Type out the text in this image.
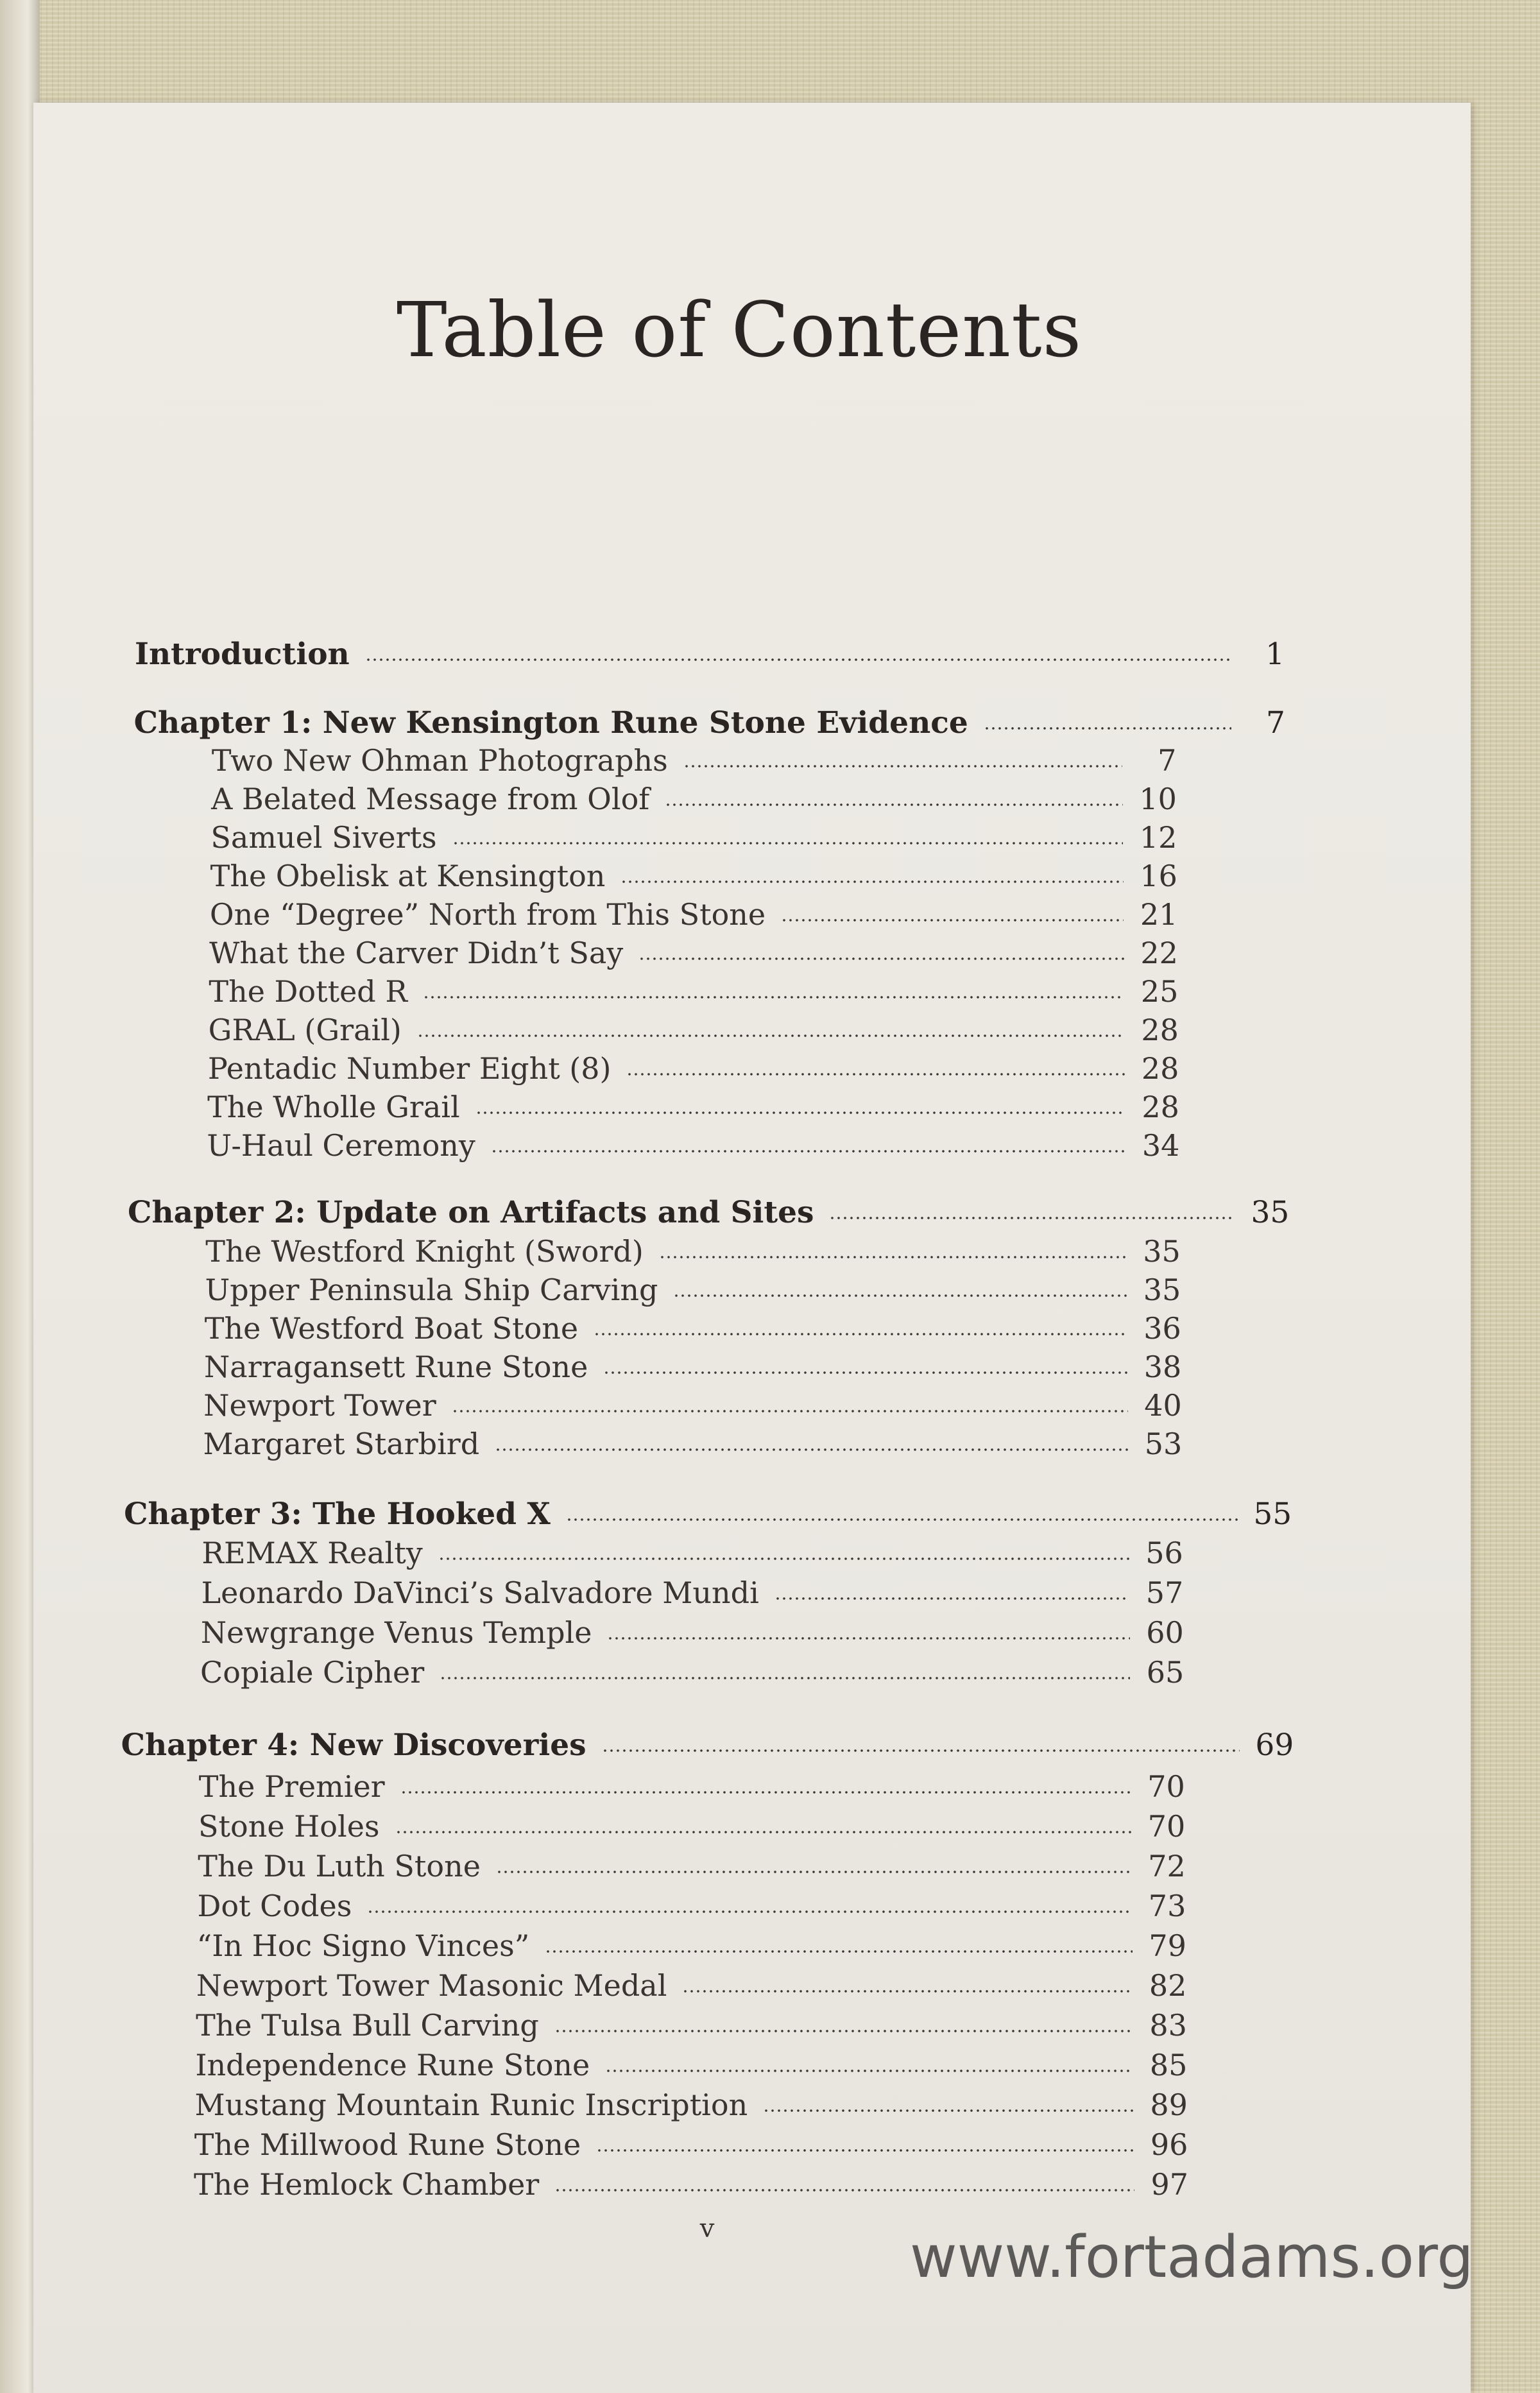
Table of Contents
Introduction	1
Chapter 1: New Kensington Rune Stone Evidence	7
Two New Ohman Photographs	7
A Belated Message from Olof	10
Samuel Siverts	12
The Obelisk at Kensington	16
One “Degree” North from This Stone	21
What the Carver Didn’t Say	22
The Dotted R	25
GRAL (Grail)	28
Pentadic Number Eight (8)	28
The Wholle Grail	28
U-Haul Ceremony	34
Chapter 2: Update on Artifacts and Sites	35
The Westford Knight (Sword)	35
Upper Peninsula Ship Carving	35
The Westford Boat Stone	36
Narragansett Rune Stone	38
Newport Tower	40
Margaret Starbird	53
Chapter 3: The Hooked X	55
REMAX Realty	56
Leonardo DaVinci’s Salvadore Mundi	57
Newgrange Venus Temple	60
Copiale Cipher	65
Chapter 4: New Discoveries	69
The Premier	70
Stone Holes	70
The Du Luth Stone	72
Dot Codes	73
“In Hoc Signo Vinces”	79
Newport Tower Masonic Medal	82
The Tulsa Bull Carving	83
Independence Rune Stone	85
Mustang Mountain Runic Inscription	89
The Millwood Rune Stone	96
The Hemlock Chamber	97
v	www.fortadams.org
